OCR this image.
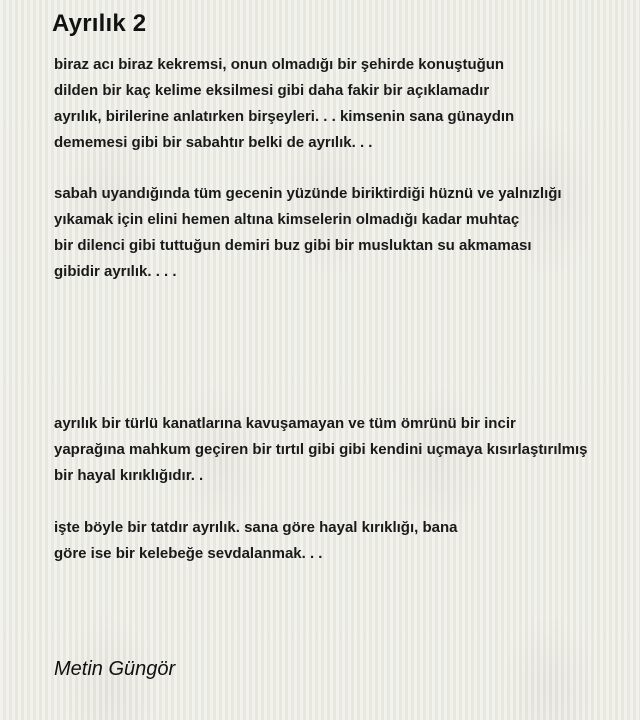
Ayrılık 2
biraz acı biraz kekremsi, onun olmadığı bir şehirde konuştuğun
dilden bir kaç kelime eksilmesi gibi daha fakir bir açıklamadır
ayrılık, birilerine anlatırken birşeyleri. . . kimsenin sana günaydın
dememesi gibi bir sabahtır belki de ayrılık. . .
sabah uyandığında tüm gecenin yüzünde biriktirdiği hüznü ve yalnızlığı
yıkamak için elini hemen altına kimselerin olmadığı kadar muhtaç
bir dilenci gibi tuttuğun demiri buz gibi bir musluktan su akmaması
gibidir ayrılık. . . .
ayrılık bir türlü kanatlarına kavuşamayan ve tüm ömrünü bir incir
yaprağına mahkum geçiren bir tırtıl gibi gibi kendini uçmaya kısırlaştırılmış
bir hayal kırıklığıdır. .
işte böyle bir tatdır ayrılık. sana göre hayal kırıklığı, bana
göre ise bir kelebeğe sevdalanmak. . .

Metin Güngör
